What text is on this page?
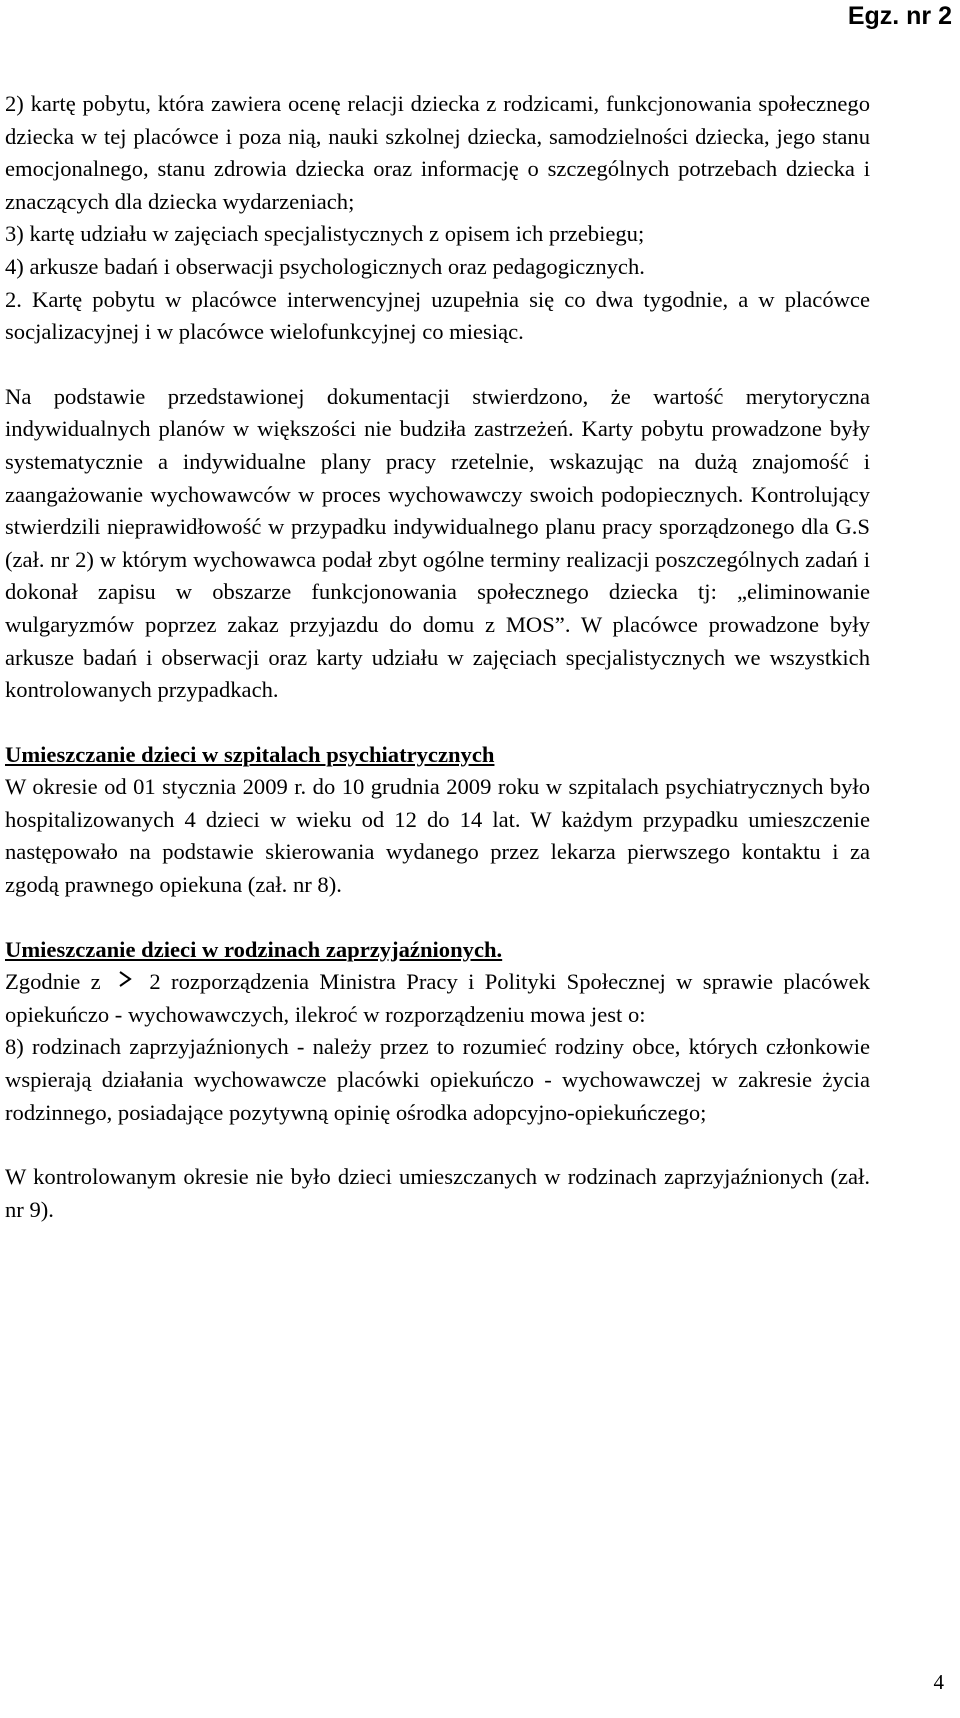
Egz. nr 2

2) kartę pobytu, która zawiera ocenę relacji dziecka z rodzicami, funkcjonowania społecznego dziecka w tej placówce i poza nią, nauki szkolnej dziecka, samodzielności dziecka, jego stanu emocjonalnego, stanu zdrowia dziecka oraz informację o szczególnych potrzebach dziecka i znaczących dla dziecka wydarzeniach;

3) kartę udziału w zajęciach specjalistycznych z opisem ich przebiegu;

4) arkusze badań i obserwacji psychologicznych oraz pedagogicznych.

2. Kartę pobytu w placówce interwencyjnej uzupełnia się co dwa tygodnie, a w placówce socjalizacyjnej i w placówce wielofunkcyjnej co miesiąc.

Na podstawie przedstawionej dokumentacji stwierdzono, że wartość merytoryczna indywidualnych planów w większości nie budziła zastrzeżeń. Karty pobytu prowadzone były systematycznie a indywidualne plany pracy rzetelnie, wskazując na dużą znajomość i zaangażowanie wychowawców w proces wychowawczy swoich podopiecznych. Kontrolujący stwierdzili nieprawidłowość w przypadku indywidualnego planu pracy sporządzonego dla G.S (zał. nr 2) w którym wychowawca podał zbyt ogólne terminy realizacji poszczególnych zadań i dokonał zapisu w obszarze funkcjonowania społecznego dziecka tj: „eliminowanie wulgaryzmów poprzez zakaz przyjazdu do domu z MOS”. W placówce prowadzone były arkusze badań i obserwacji oraz karty udziału w zajęciach specjalistycznych we wszystkich kontrolowanych przypadkach.

Umieszczanie dzieci w szpitalach psychiatrycznych

W okresie od 01 stycznia 2009 r. do 10 grudnia 2009 roku w szpitalach psychiatrycznych było hospitalizowanych 4 dzieci w wieku od 12 do 14 lat. W każdym przypadku umieszczenie następowało na podstawie skierowania wydanego przez lekarza pierwszego kontaktu i za zgodą prawnego opiekuna (zał. nr 8).

Umieszczanie dzieci w rodzinach zaprzyjaźnionych.

Zgodnie z 2 rozporządzenia Ministra Pracy i Polityki Społecznej w sprawie placówek opiekuńczo - wychowawczych, ilekroć w rozporządzeniu mowa jest o:

8) rodzinach zaprzyjaźnionych - należy przez to rozumieć rodziny obce, których członkowie wspierają działania wychowawcze placówki opiekuńczo - wychowawczej w zakresie życia rodzinnego, posiadające pozytywną opinię ośrodka adopcyjno-opiekuńczego;

W kontrolowanym okresie nie było dzieci umieszczanych w rodzinach zaprzyjaźnionych (zał. nr 9).

4
